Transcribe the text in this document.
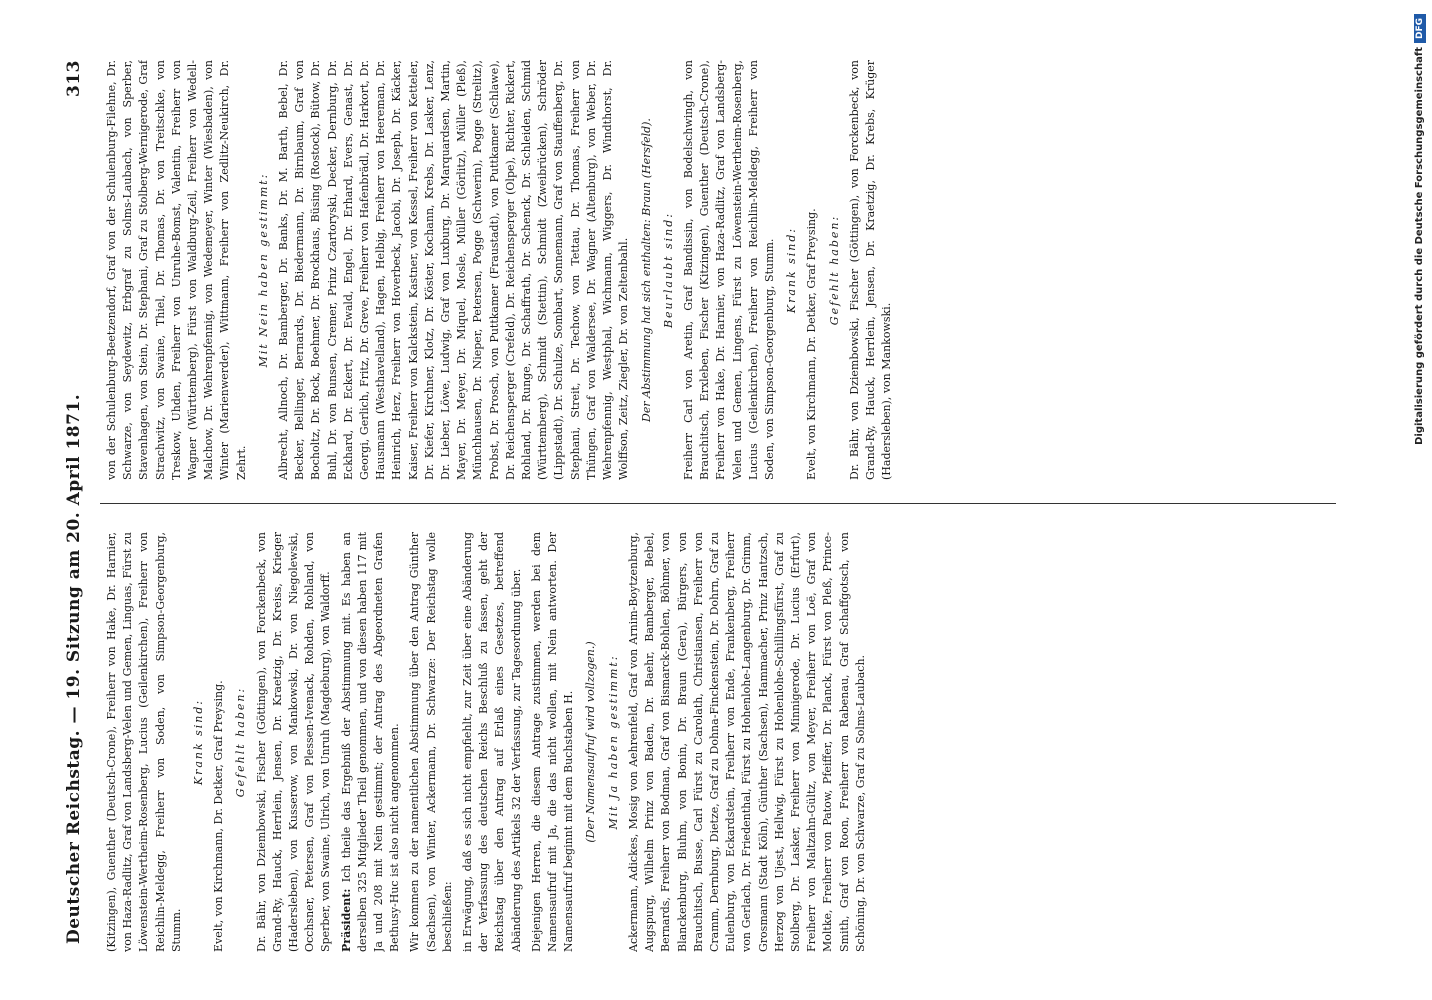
Deutscher Reichstag. — 19. Sitzung am 20. April 1871.
313

(Kitzingen), Guenther (Deutsch-Crone), Freiherr von Hake, Dr. Harnier, von Haza-Radlitz, Graf von Landsberg-Velen und Gemen, Linguas, Fürst zu Löwenstein-Wertheim-Rosenberg, Lucius (Geilenkirchen), Freiherr von Reichlin-Meldegg, Freiherr von Soden, von Simpson-Georgenburg, Stumm.

Krank sind: Evelt, von Kirchmann, Dr. Detker, Graf Preysing. Gefehlt haben: Dr. Bähr, von Dziembowski, Fischer (Göttingen), von Forckenbeck, von Grand-Ry, Hauck, Herrlein, Jensen, Dr. Kraetzig, Dr. Kreiss, Krieger (Hadersleben), von Kusserow, von Mankowski, Dr. von Niegolewski, Occhsner, Petersen, Graf von Plessen-Ivenack, Rohden, Rohland, von Sperber, von Swaine, Ulrich, von Unruh (Magdeburg), von Waldorff. Präsident: Ich theile das Ergebniß der Abstimmung mit. Es haben an derselben 325 Mitglieder Theil genommen, und von diesen haben 117 mit Ja und 208 mit Nein gestimmt; der Antrag des Abgeordneten Grafen Bethusy-Huc ist also nicht angenommen. Wir kommen zu der namentlichen Abstimmung über den Antrag Günther (Sachsen), von Winter, Ackermann, Dr. Schwarze: Der Reichstag wolle beschließen: in Erwägung, daß es sich nicht empfiehlt, zur Zeit über eine Abänderung der Verfassung des deutschen Reichs Beschluß zu fassen, geht der Reichstag über den Antrag auf Erlaß eines Gesetzes, betreffend Abänderung des Artikels 32 der Verfassung, zur Tagesordnung über. Diejenigen Herren, die diesem Antrage zustimmen, werden bei dem Namensaufruf mit Ja, die das nicht wollen, mit Nein antworten. Der Namensaufruf beginnt mit dem Buchstaben H. (Der Namensaufruf wird vollzogen.) Mit Ja haben gestimmt: Ackermann, Adickes, Mosig von Aehrenfeld, Graf von Arnim-Boytzenburg, Augspurg, Wilhelm Prinz von Baden, Dr. Baehr, Bamberger, Bebel, Bernards, Freiherr von Bodman, Graf von Bismarck-Bohlen, Böhmer, von Blanckenburg, Bluhm, von Bonin, Dr. Braun (Gera), Bürgers, von Brauchitsch, Busse, Carl Fürst zu Carolath, Christiansen, Freiherr von Cramm, Dernburg, Dietze, Graf zu Dohna-Finckenstein, Dr. Dohrn, Graf zu Eulenburg, von Eckardstein, Freiherr von Ende, Frankenberg, Freiherr von Gerlach, Dr. Friedenthal, Fürst zu Hohenlohe-Langenburg, Dr. Grimm, Grosmann (Stadt Köln), Günther (Sachsen), Hammacher, Prinz Hantzsch, Herzog von Ujest, Hellwig, Fürst zu Hohenlohe-Schillingsfürst, Graf zu Stolberg, Dr. Lasker, Freiherr von Minnigerode, Dr. Lucius (Erfurt), Freiherr von Maltzahn-Gültz, von Meyer, Freiherr von Loë, Graf von Moltke, Freiherr von Patow, Pfeiffer, Dr. Planck, Fürst von Pleß, Prince-Smith, Graf von Roon, Freiherr von Rabenau, Graf Schaffgotsch, von Schöning, Dr. von Schwarze, Graf zu Solms-Laubach.

von der Schulenburg-Beetzendorf, Graf von der Schulenburg-Filehne, Dr. Schwarze, von Seydewitz, Erbgraf zu Solms-Laubach, von Sperber, Stavenhagen, von Stein, Dr. Stephani, Graf zu Stolberg-Wernigerode, Graf Strachwitz, von Swaine, Thiel, Dr. Thomas, Dr. von Treitschke, von Treskow, Uhden, Freiherr von Unruhe-Bomst, Valentin, Freiherr von Wagner (Württemberg), Fürst von Waldburg-Zeil, Freiherr von Wedell-Malchow, Dr. Wehrenpfennig, von Wedemeyer, Winter (Wiesbaden), von Winter (Marienwerder), Wittmann, Freiherr von Zedlitz-Neukirch, Dr. Zehrt.

Mit Nein haben gestimmt: Albrecht, Allnoch, Dr. Bamberger, Dr. Banks, Dr. M. Barth, Bebel, Dr. Becker, Bellinger, Bernards, Dr. Biedermann, Dr. Birnbaum, Graf von Bocholtz, Dr. Bock, Boehmer, Dr. Brockhaus, Büsing (Rostock), Bütow, Dr. Buhl, Dr. von Bunsen, Cremer, Prinz Czartoryski, Decker, Dernburg, Dr. Eckhard, Dr. Eckert, Dr. Ewald, Engel, Dr. Erhard, Evers, Genast, Dr. Georgi, Gerlich, Fritz, Dr. Greve, Freiherr von Hafenbrädl, Dr. Harkort, Dr. Hausmann (Westhavelland), Hagen, Helbig, Freiherr von Heereman, Dr. Heinrich, Herz, Freiherr von Hoverbeck, Jacobi, Dr. Joseph, Dr. Käcker, Kaiser, Freiherr von Kalckstein, Kastner, von Kessel, Freiherr von Ketteler, Dr. Kiefer, Kirchner, Klotz, Dr. Köster, Kochann, Krebs, Dr. Lasker, Lenz, Dr. Lieber, Löwe, Ludwig, Graf von Luxburg, Dr. Marquardsen, Martin, Mayer, Dr. Meyer, Dr. Miquel, Mosle, Müller (Görlitz), Müller (Pleß), Münchhausen, Dr. Nieper, Petersen, Pogge (Schwerin), Pogge (Strelitz), Probst, Dr. Prosch, von Puttkamer (Fraustadt), von Puttkamer (Schlawe), Dr. Reichensperger (Crefeld), Dr. Reichensperger (Olpe), Richter, Rickert, Rohland, Dr. Runge, Dr. Schaffrath, Dr. Schenck, Dr. Schleiden, Schmid (Württemberg), Schmidt (Stettin), Schmidt (Zweibrücken), Schröder (Lippstadt), Dr. Schulze, Sombart, Sonnemann, Graf von Stauffenberg, Dr. Stephani, Streit, Dr. Techow, von Tettau, Dr. Thomas, Freiherr von Thüngen, Graf von Waldersee, Dr. Wagner (Altenburg), von Weber, Dr. Wehrenpfennig, Westphal, Wichmann, Wiggers, Dr. Windthorst, Dr. Wolffson, Zeitz, Ziegler, Dr. von Zeltenbahl. Der Abstimmung hat sich enthalten: Braun (Hersfeld). Beurlaubt sind: Freiherr Carl von Aretin, Graf Bandissin, von Bodelschwingh, von Brauchitsch, Erxleben, Fischer (Kitzingen), Guenther (Deutsch-Crone), Freiherr von Hake, Dr. Harnier, von Haza-Radlitz, Graf von Landsberg-Velen und Gemen, Lingens, Fürst zu Löwenstein-Wertheim-Rosenberg, Lucius (Geilenkirchen), Freiherr von Reichlin-Meldegg, Freiherr von Soden, von Simpson-Georgenburg, Stumm. Krank sind: Evelt, von Kirchmann, Dr. Detker, Graf Preysing. Gefehlt haben: Dr. Bähr, von Dziembowski, Fischer (Göttingen), von Forckenbeck, von Grand-Ry, Hauck, Herrlein, Jensen, Dr. Kraetzig, Dr. Krebs, Krüger (Hadersleben), von Mankowski.	Digitalisierung gefördert durch die Deutsche ForschungsgemeinschaftDFG
